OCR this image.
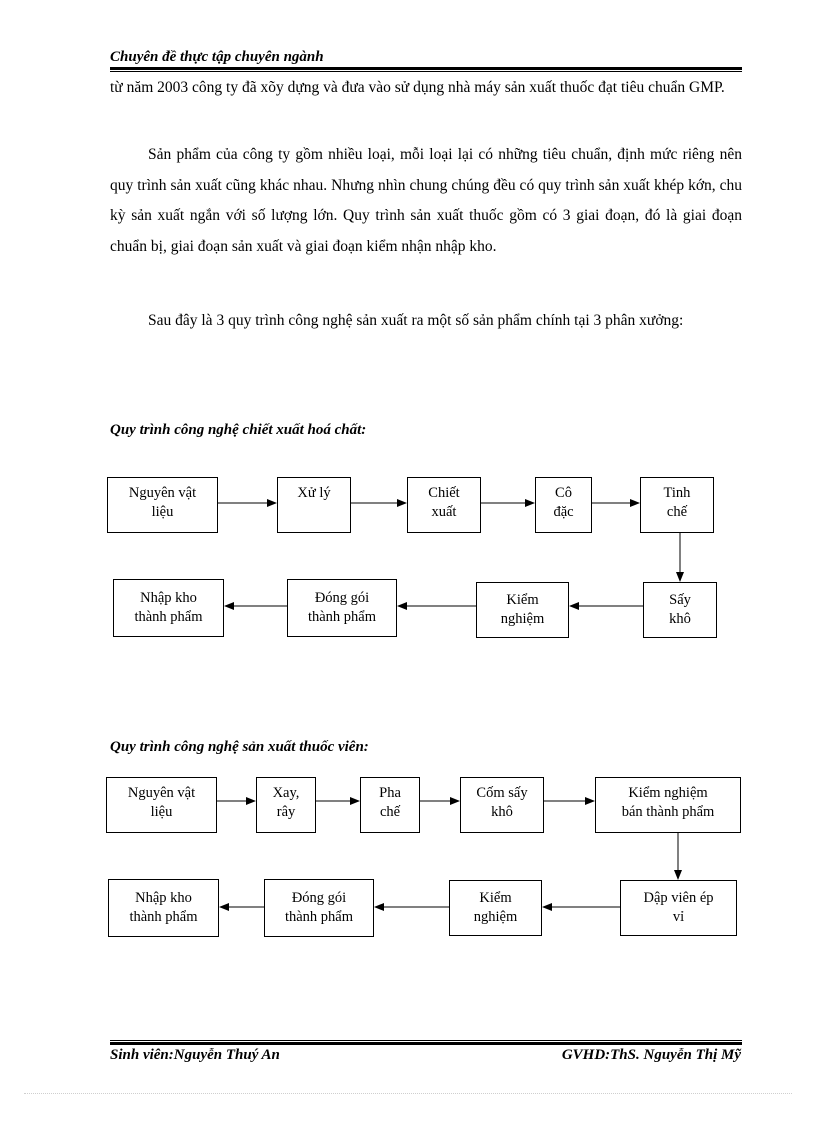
Chuyên đề thực tập chuyên ngành

từ năm 2003 công ty đã xõy dựng và đưa vào sử dụng nhà máy sản xuất thuốc đạt tiêu chuẩn GMP.

Sản phẩm của công ty gồm nhiều loại, mỗi loại lại có những tiêu chuẩn, định mức riêng nên quy trình sản xuất cũng khác nhau. Nhưng nhìn chung chúng đều có quy trình sản xuất khép kớn, chu kỳ sản xuất ngắn với số lượng lớn. Quy trình sản xuất thuốc gồm có 3 giai đoạn, đó là giai đoạn chuẩn bị, giai đoạn sản xuất và giai đoạn kiểm nhận nhập kho.

Sau đây là 3 quy trình công nghệ sản xuất ra một số sản phẩm chính tại 3 phân xưởng:

Quy trình công nghệ chiết xuất hoá chất:
Nguyên vật
liệu
Xử lý	Chiết
xuất
Cô
đặc
Tinh
chế
Nhập kho
thành phẩm
Đóng gói
thành phẩm
Kiểm
nghiệm
Sấy
khô
Quy trình công nghệ sản xuất thuốc viên:
Nguyên vật
liệu
Xay,
rây
Pha
chế
Cốm sấy
khô
Kiểm nghiệm
bán thành phẩm
Nhập kho
thành phẩm
Đóng gói
thành phẩm
Kiểm
nghiệm
Dập viên ép
vỉ
Sinh viên:Nguyễn Thuý An	GVHD:ThS. Nguyễn Thị Mỹ
